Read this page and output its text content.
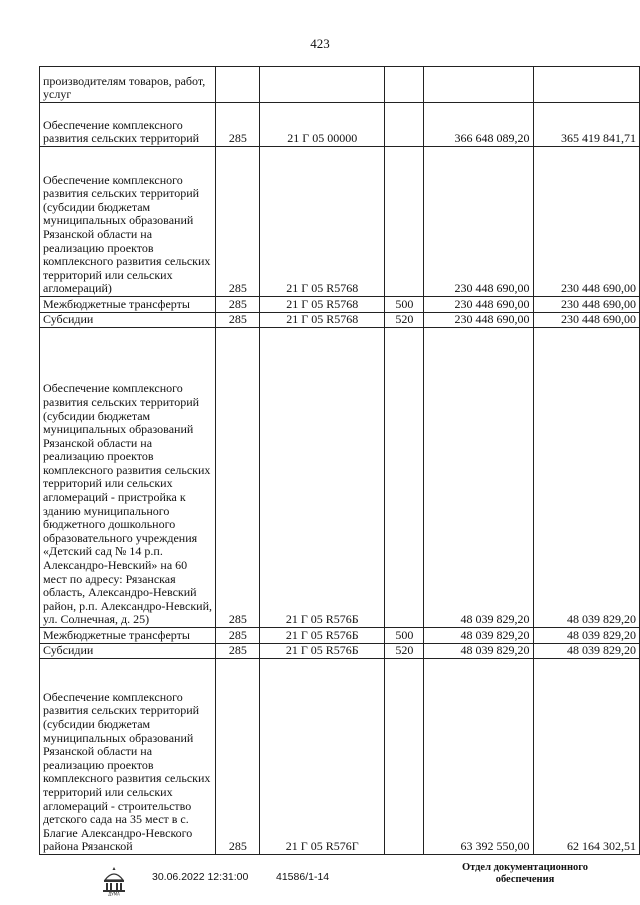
423
производителям товаров, работ, услуг					
Обеспечение комплексного развития сельских территорий	285	21 Г 05 00000		366 648 089,20	365 419 841,71
Обеспечение комплексного развития сельских территорий (субсидии бюджетам муниципальных образований Рязанской области на реализацию проектов комплексного развития сельских территорий или сельских агломераций)	285	21 Г 05 R5768		230 448 690,00	230 448 690,00
Межбюджетные трансферты	285	21 Г 05 R5768	500	230 448 690,00	230 448 690,00
Субсидии	285	21 Г 05 R5768	520	230 448 690,00	230 448 690,00
Обеспечение комплексного развития сельских территорий (субсидии бюджетам муниципальных образований Рязанской области на реализацию проектов комплексного развития сельских территорий или сельских агломераций - пристройка к зданию муниципального бюджетного дошкольного образовательного учреждения «Детский сад № 14 р.п. Александро-Невский» на 60 мест по адресу: Рязанская область, Александро-Невский район, р.п. Александро-Невский, ул. Солнечная, д. 25)	285	21 Г 05 R576Б		48 039 829,20	48 039 829,20
Межбюджетные трансферты	285	21 Г 05 R576Б	500	48 039 829,20	48 039 829,20
Субсидии	285	21 Г 05 R576Б	520	48 039 829,20	48 039 829,20
Обеспечение комплексного развития сельских территорий (субсидии бюджетам муниципальных образований Рязанской области на реализацию проектов комплексного развития сельских территорий или сельских агломераций - строительство детского сада на 35 мест в с. Благие Александро-Невского района Рязанской	285	21 Г 05 R576Г		63 392 550,00	62 164 302,51
ДУМА
30.06.2022 12:31:00	41586/1-14
Отдел документационного обеспечения
